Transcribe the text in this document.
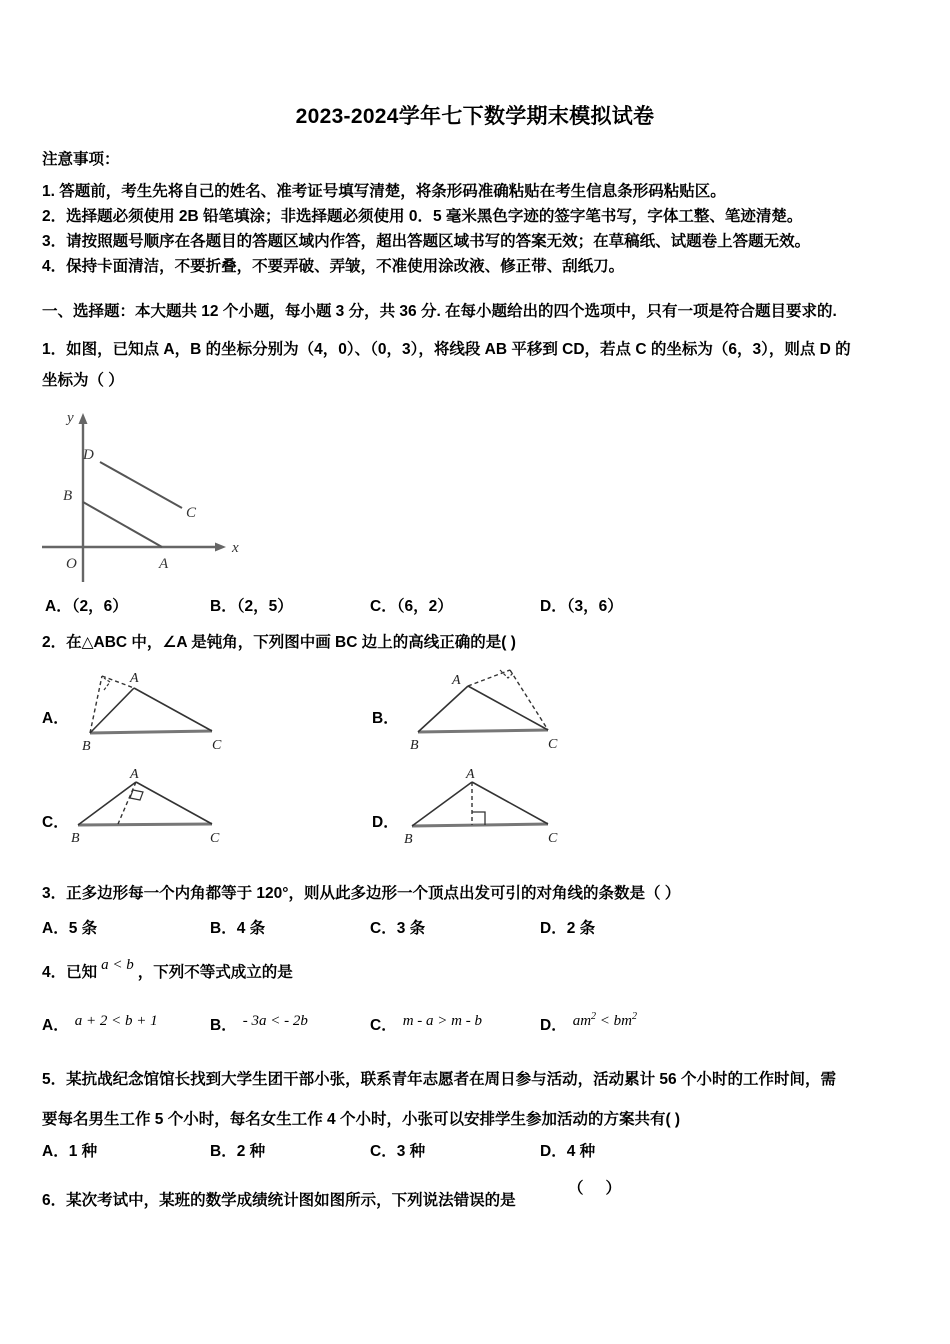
2023-2024学年七下数学期末模拟试卷
注意事项：
1. 答题前，考生先将自己的姓名、准考证号填写清楚，将条形码准确粘贴在考生信息条形码粘贴区。
2．选择题必须使用 2B 铅笔填涂；非选择题必须使用 0．5 毫米黑色字迹的签字笔书写，字体工整、笔迹清楚。
3．请按照题号顺序在各题目的答题区域内作答，超出答题区域书写的答案无效；在草稿纸、试题卷上答题无效。
4．保持卡面清洁，不要折叠，不要弄破、弄皱，不准使用涂改液、修正带、刮纸刀。
一、选择题：本大题共 12 个小题，每小题 3 分，共 36 分. 在每小题给出的四个选项中，只有一项是符合题目要求的.
1．如图，已知点 A，B 的坐标分别为（4，0）、（0，3），将线段 AB 平移到 CD，若点 C 的坐标为（6，3），则点 D 的
坐标为（ ）
y
x
O
B
A
D
C
A．（2，6）	B．（2，5）	C．（6，2）	D．（3，6）
2．在△ABC 中，∠A 是钝角，下列图中画 BC 边上的高线正确的是( )
A．
A
B	C
B．
A
B	C
C．
A
B	C
D．
A
B	C
3．正多边形每一个内角都等于 120°，则从此多边形一个顶点出发可引的对角线的条数是（ ）
A．5 条	B．4 条	C．3 条	D．2 条
4．已知 a < b ，下列不等式成立的是
A． a + 2 < b + 1	B． - 3a < - 2b	C． m - a > m - b	D． $am^2 < bm^2$
5．某抗战纪念馆馆长找到大学生团干部小张，联系青年志愿者在周日参与活动，活动累计 56 个小时的工作时间，需
要每名男生工作 5 个小时，每名女生工作 4 个小时，小张可以安排学生参加活动的方案共有( )
A．1 种	B．2 种	C．3 种	D．4 种
6．某次考试中，某班的数学成绩统计图如图所示，下列说法错误的是
（）
